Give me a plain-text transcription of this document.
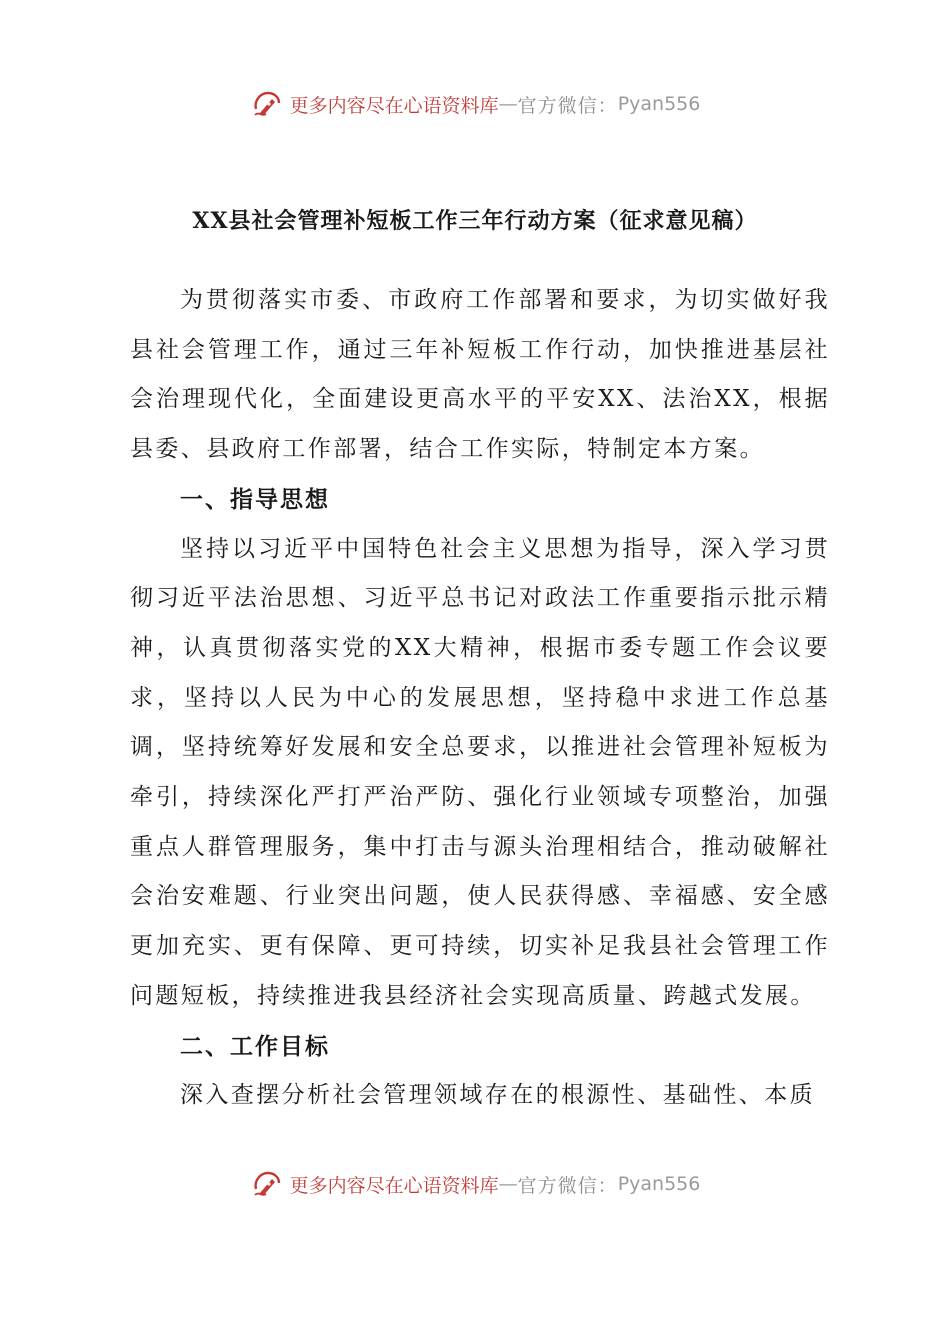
更多内容尽在心语资料库 — 官方微信： Pyan556
XX县社会管理补短板工作三年行动方案（征求意见稿）

为贯彻落实市委、市政府工作部署和要求，为切实做好我县社会管理工作，通过三年补短板工作行动，加快推进基层社会治理现代化，全面建设更高水平的平安XX、法治XX，根据县委、县政府工作部署，结合工作实际，特制定本方案。

一、指导思想

坚持以习近平中国特色社会主义思想为指导，深入学习贯彻习近平法治思想、习近平总书记对政法工作重要指示批示精神，认真贯彻落实党的XX大精神，根据市委专题工作会议要求，坚持以人民为中心的发展思想，坚持稳中求进工作总基调，坚持统筹好发展和安全总要求，以推进社会管理补短板为牵引，持续深化严打严治严防、强化行业领域专项整治，加强重点人群管理服务，集中打击与源头治理相结合，推动破解社会治安难题、行业突出问题，使人民获得感、幸福感、安全感更加充实、更有保障、更可持续，切实补足我县社会管理工作问题短板，持续推进我县经济社会实现高质量、跨越式发展。

二、工作目标

深入查摆分析社会管理领域存在的根源性、基础性、本质

更多内容尽在心语资料库 — 官方微信： Pyan556
